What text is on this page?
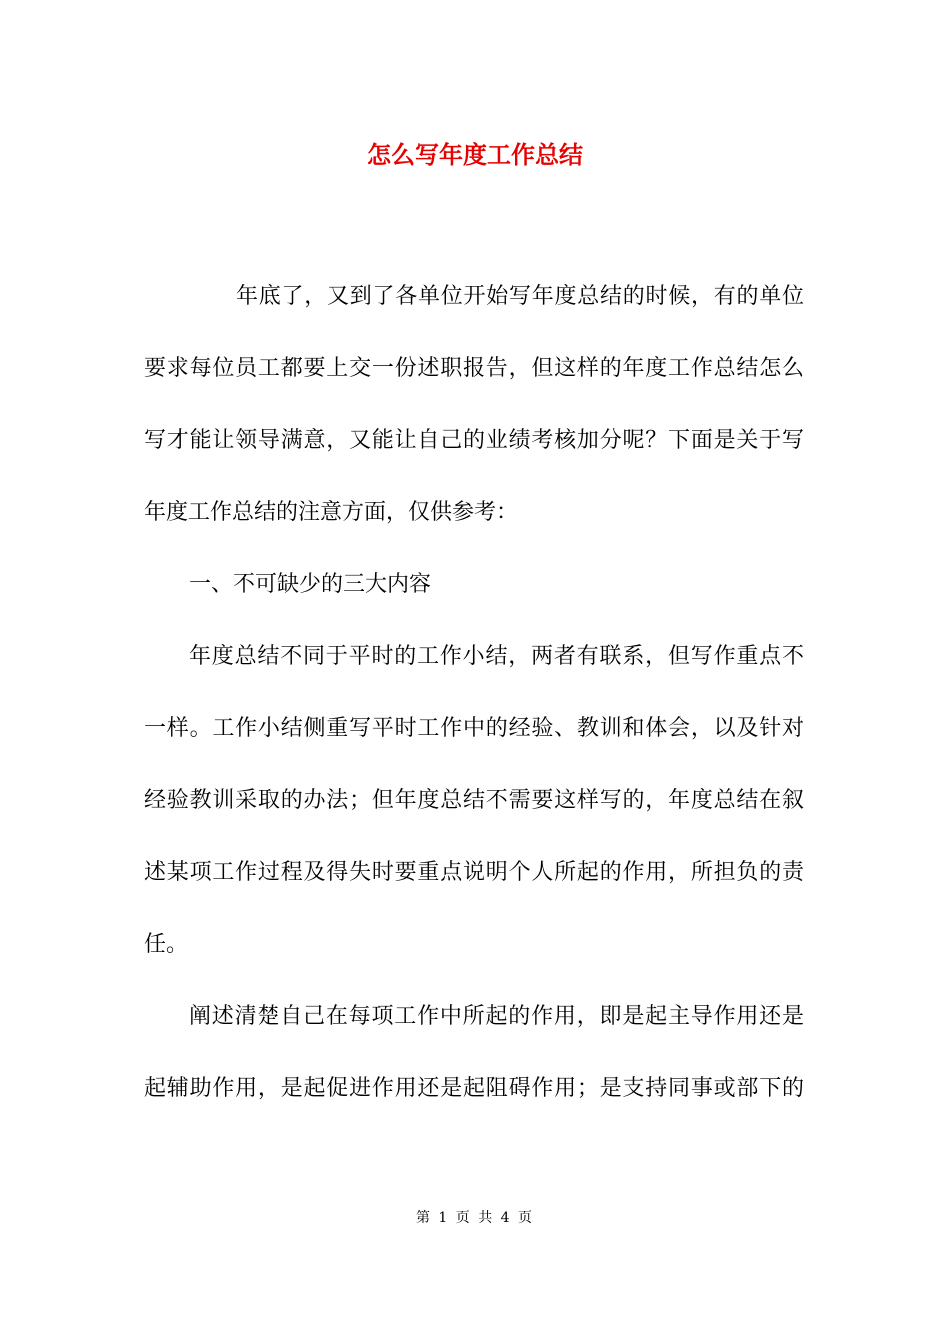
怎么写年度工作总结
年底了，又到了各单位开始写年度总结的时候，有的单位
要求每位员工都要上交一份述职报告，但这样的年度工作总结怎么
写才能让领导满意，又能让自己的业绩考核加分呢？下面是关于写
年度工作总结的注意方面，仅供参考：
一、不可缺少的三大内容
年度总结不同于平时的工作小结，两者有联系，但写作重点不
一样。工作小结侧重写平时工作中的经验、教训和体会，以及针对
经验教训采取的办法；但年度总结不需要这样写的，年度总结在叙
述某项工作过程及得失时要重点说明个人所起的作用，所担负的责
任。
阐述清楚自己在每项工作中所起的作用，即是起主导作用还是
起辅助作用，是起促进作用还是起阻碍作用；是支持同事或部下的
第 1 页 共 4 页
